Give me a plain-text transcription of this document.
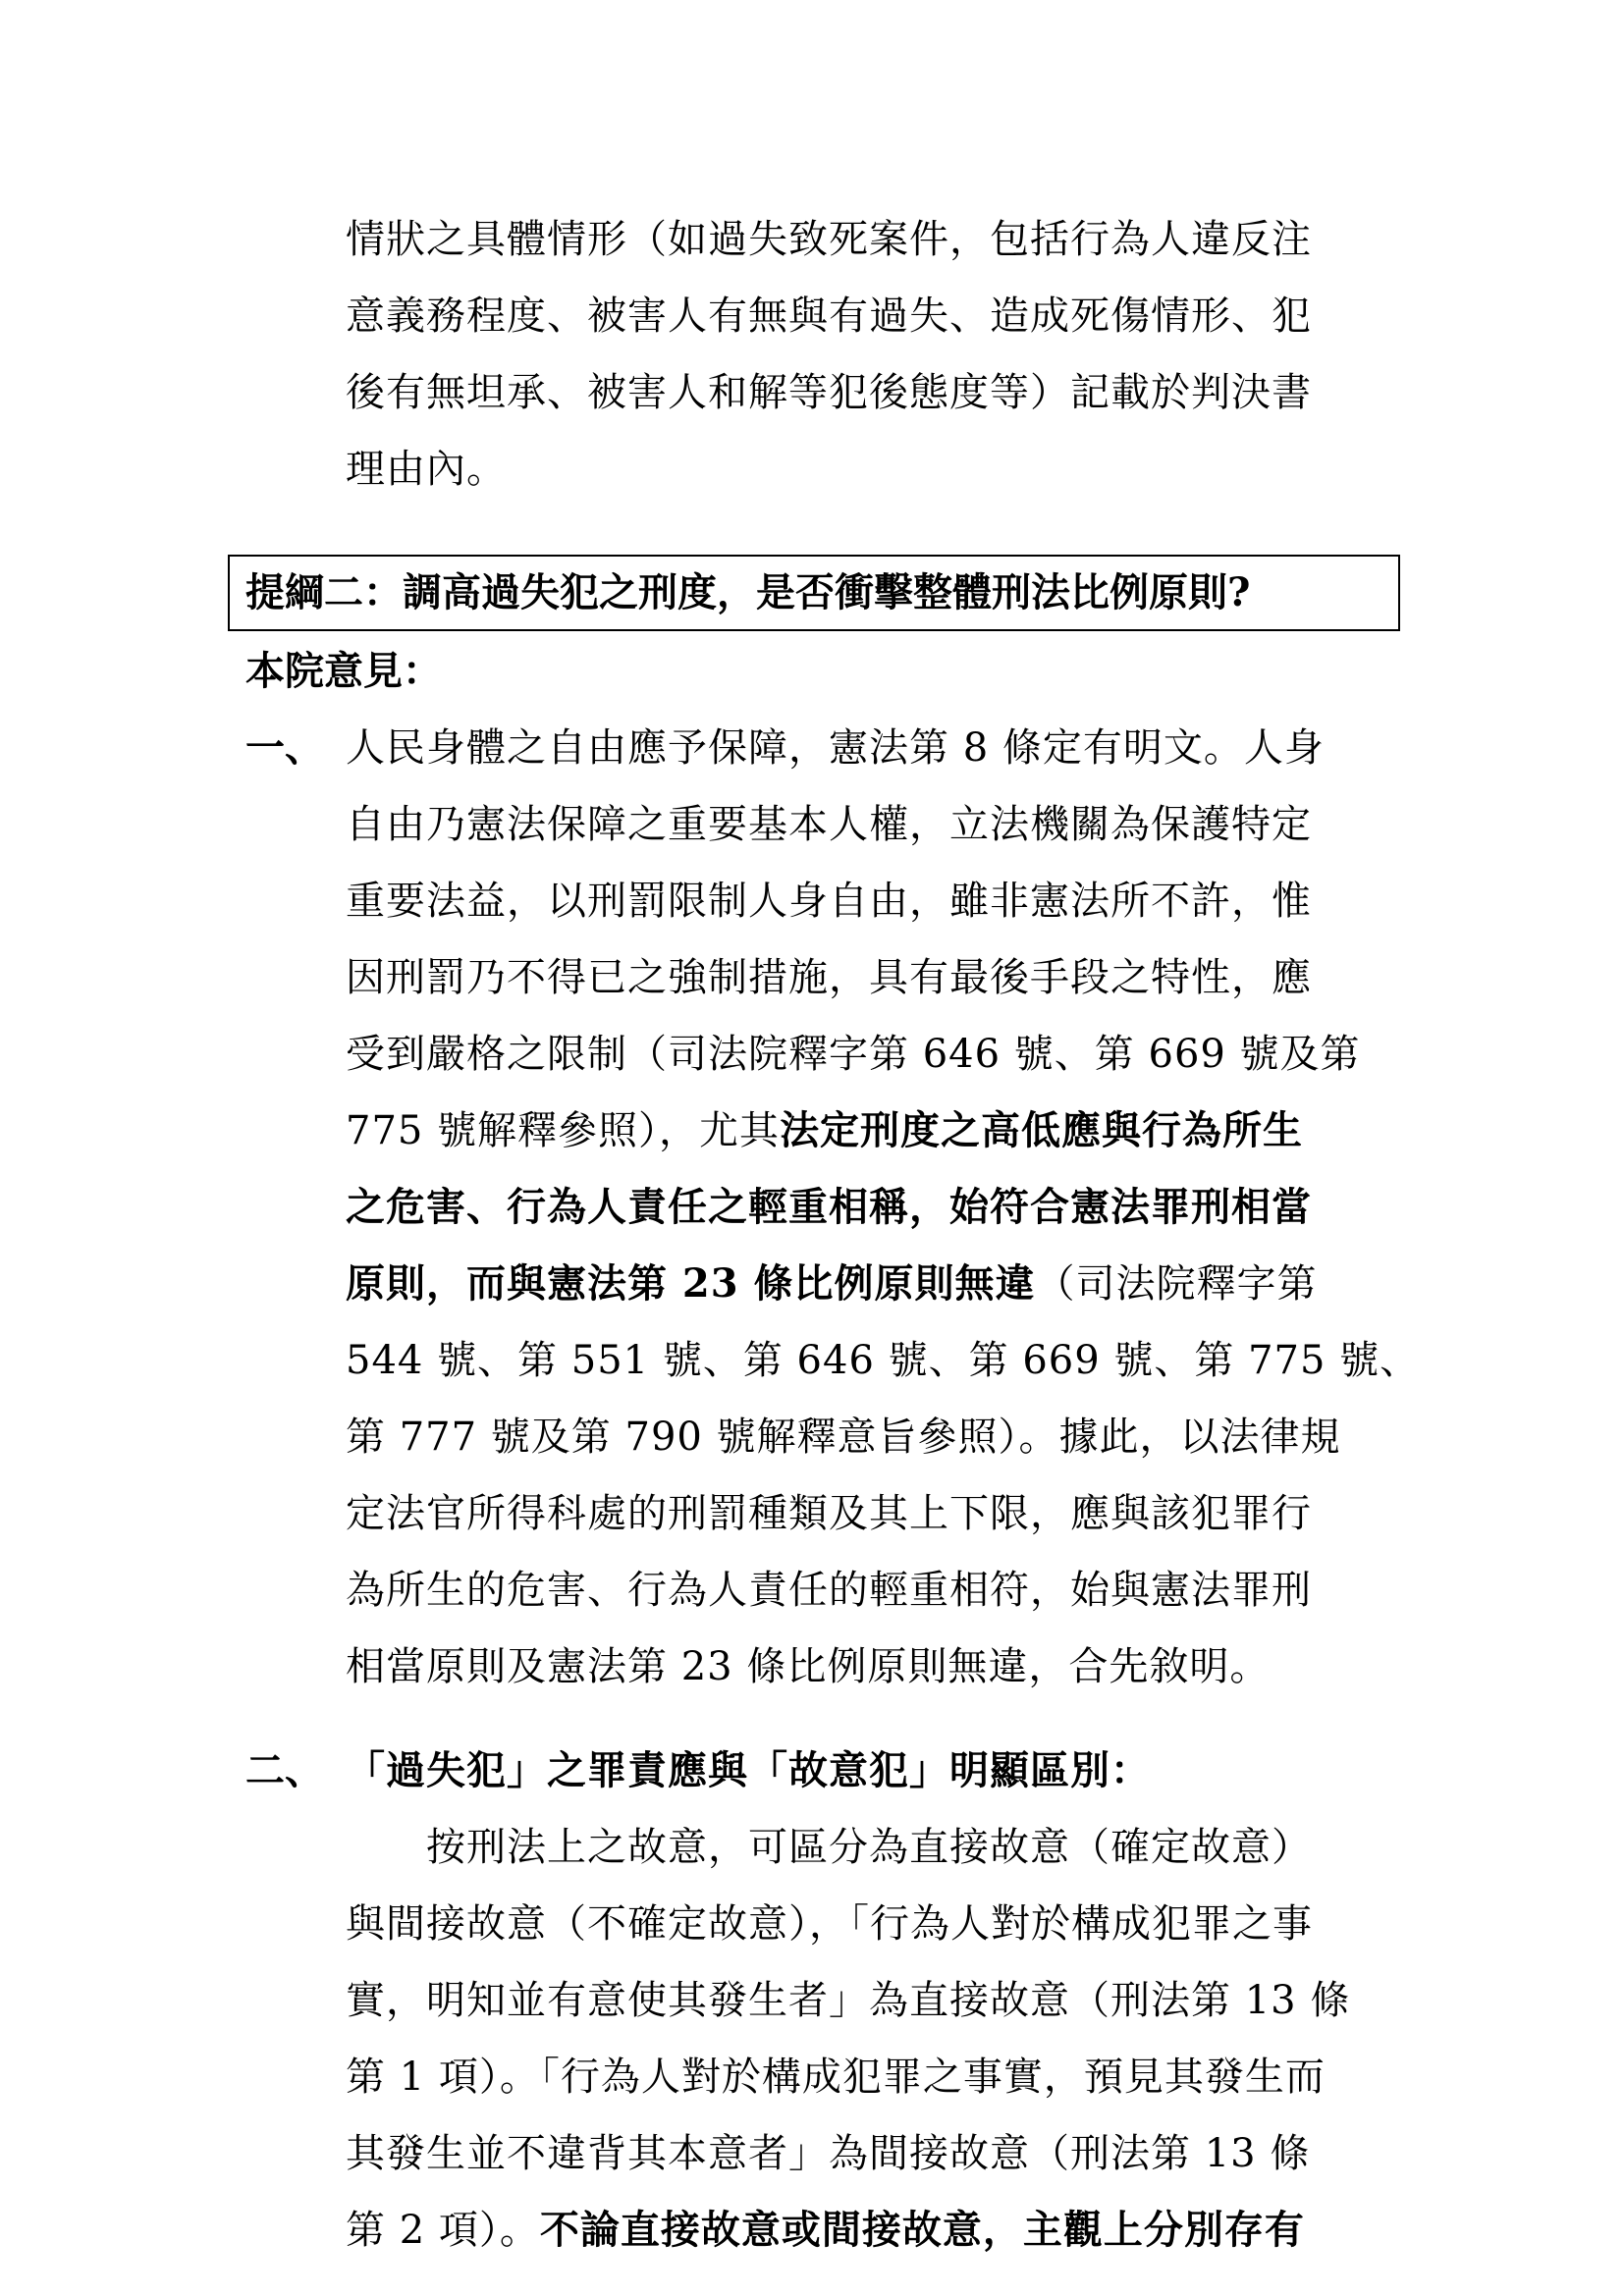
情狀之具體情形（如過失致死案件，包括行為人違反注
意義務程度、被害人有無與有過失、造成死傷情形、犯
後有無坦承、被害人和解等犯後態度等）記載於判決書
理由內。
提綱二：調高過失犯之刑度，是否衝擊整體刑法比例原則?
本院意見：
一、 人民身體之自由應予保障，憲法第 8 條定有明文。人身
自由乃憲法保障之重要基本人權，立法機關為保護特定
重要法益，以刑罰限制人身自由，雖非憲法所不許，惟
因刑罰乃不得已之強制措施，具有最後手段之特性，應
受到嚴格之限制（司法院釋字第 646 號、第 669 號及第
775 號解釋參照），尤其法定刑度之高低應與行為所生
之危害、行為人責任之輕重相稱，始符合憲法罪刑相當
原則，而與憲法第 23 條比例原則無違（司法院釋字第
544 號、第 551 號、第 646 號、第 669 號、第 775 號、
第 777 號及第 790 號解釋意旨參照）。據此，以法律規
定法官所得科處的刑罰種類及其上下限，應與該犯罪行
為所生的危害、行為人責任的輕重相符，始與憲法罪刑
相當原則及憲法第 23 條比例原則無違，合先敘明。
二、 「過失犯」之罪責應與「故意犯」明顯區別：
　　按刑法上之故意，可區分為直接故意（確定故意）
與間接故意（不確定故意），「行為人對於構成犯罪之事
實，明知並有意使其發生者」為直接故意（刑法第 13 條
第 1 項）。「行為人對於構成犯罪之事實，預見其發生而
其發生並不違背其本意者」為間接故意（刑法第 13 條
第 2 項）。不論直接故意或間接故意，主觀上分別存有
